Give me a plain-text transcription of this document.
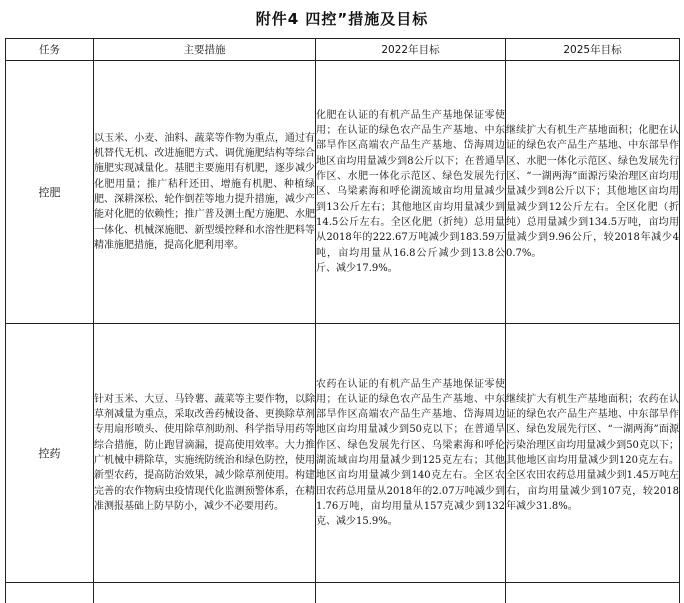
附件4 四控”措施及目标
任务	主要措施	2022年目标	2025年目标
控肥	以玉米、小麦、油料、蔬菜等作物为重点，通过有机替代无机、改进施肥方式、调优施肥结构等综合施肥实现减量化。基肥主要施用有机肥，逐步减少化肥用量；推广秸秆还田、增施有机肥、种植绿肥、深耕深松、轮作倒茬等地力提升措施，减少产能对化肥的依赖性；推广普及测土配方施肥、水肥一体化、机械深施肥、新型缓控释和水溶性肥料等精准施肥措施，提高化肥利用率。	化肥在认证的有机产品生产基地保证零使用；在认证的绿色农产品生产基地、中东部旱作区高端农产品生产基地、岱海周边地区亩均用量减少到8公斤以下；在普通旱作区、水肥一体化示范区、绿色发展先行区、乌梁素海和呼伦湖流域亩均用量减少到13公斤左右；其他地区亩均用量减少到14.5公斤左右。全区化肥（折纯）总用量从2018年的222.67万吨减少到183.59万吨，亩均用量从16.8公斤减少到13.8公斤、减少17.9%。	继续扩大有机生产基地面积；化肥在认证的绿色农产品生产基地、中东部旱作区、水肥一体化示范区、绿色发展先行区、“一湖两海”面源污染治理区亩均用量减少到8公斤以下；其他地区亩均用量减少到12公斤左右。全区化肥（折纯）总用量减少到134.5万吨，亩均用量减少到9.96公斤，较2018年减少40.7%。
控药	针对玉米、大豆、马铃薯、蔬菜等主要作物，以除草剂减量为重点，采取改善药械设备、更换除草剂专用扇形喷头、使用除草剂助剂、科学指导用药等综合措施，防止跑冒滴漏，提高使用效率。大力推广机械中耕除草，实施统防统治和绿色防控，使用新型农药，提高防治效果，减少除草剂使用。构建完善的农作物病虫疫情现代化监测预警体系，在精准测报基础上防早防小，减少不必要用药。	农药在认证的有机产品生产基地保证零使用；在认证的绿色农产品生产基地、中东部旱作区高端农产品生产基地、岱海周边地区亩均用量减少到50克以下；在普通旱作区、绿色发展先行区、乌梁素海和呼伦湖流域亩均用量减少到125克左右；其他地区亩均用量减少到140克左右。全区农田农药总用量从2018年的2.07万吨减少到1.76万吨，亩均用量从157克减少到132克、减少15.9%。	继续扩大有机生产基地面积；农药在认证的绿色农产品生产基地、中东部旱作区、绿色发展先行区、“一湖两海”面源污染治理区亩均用量减少到50克以下；其他地区亩均用量减少到120克左右。全区农田农药总用量减少到1.45万吨左右，亩均用量减少到107克，较2018年减少31.8%。
